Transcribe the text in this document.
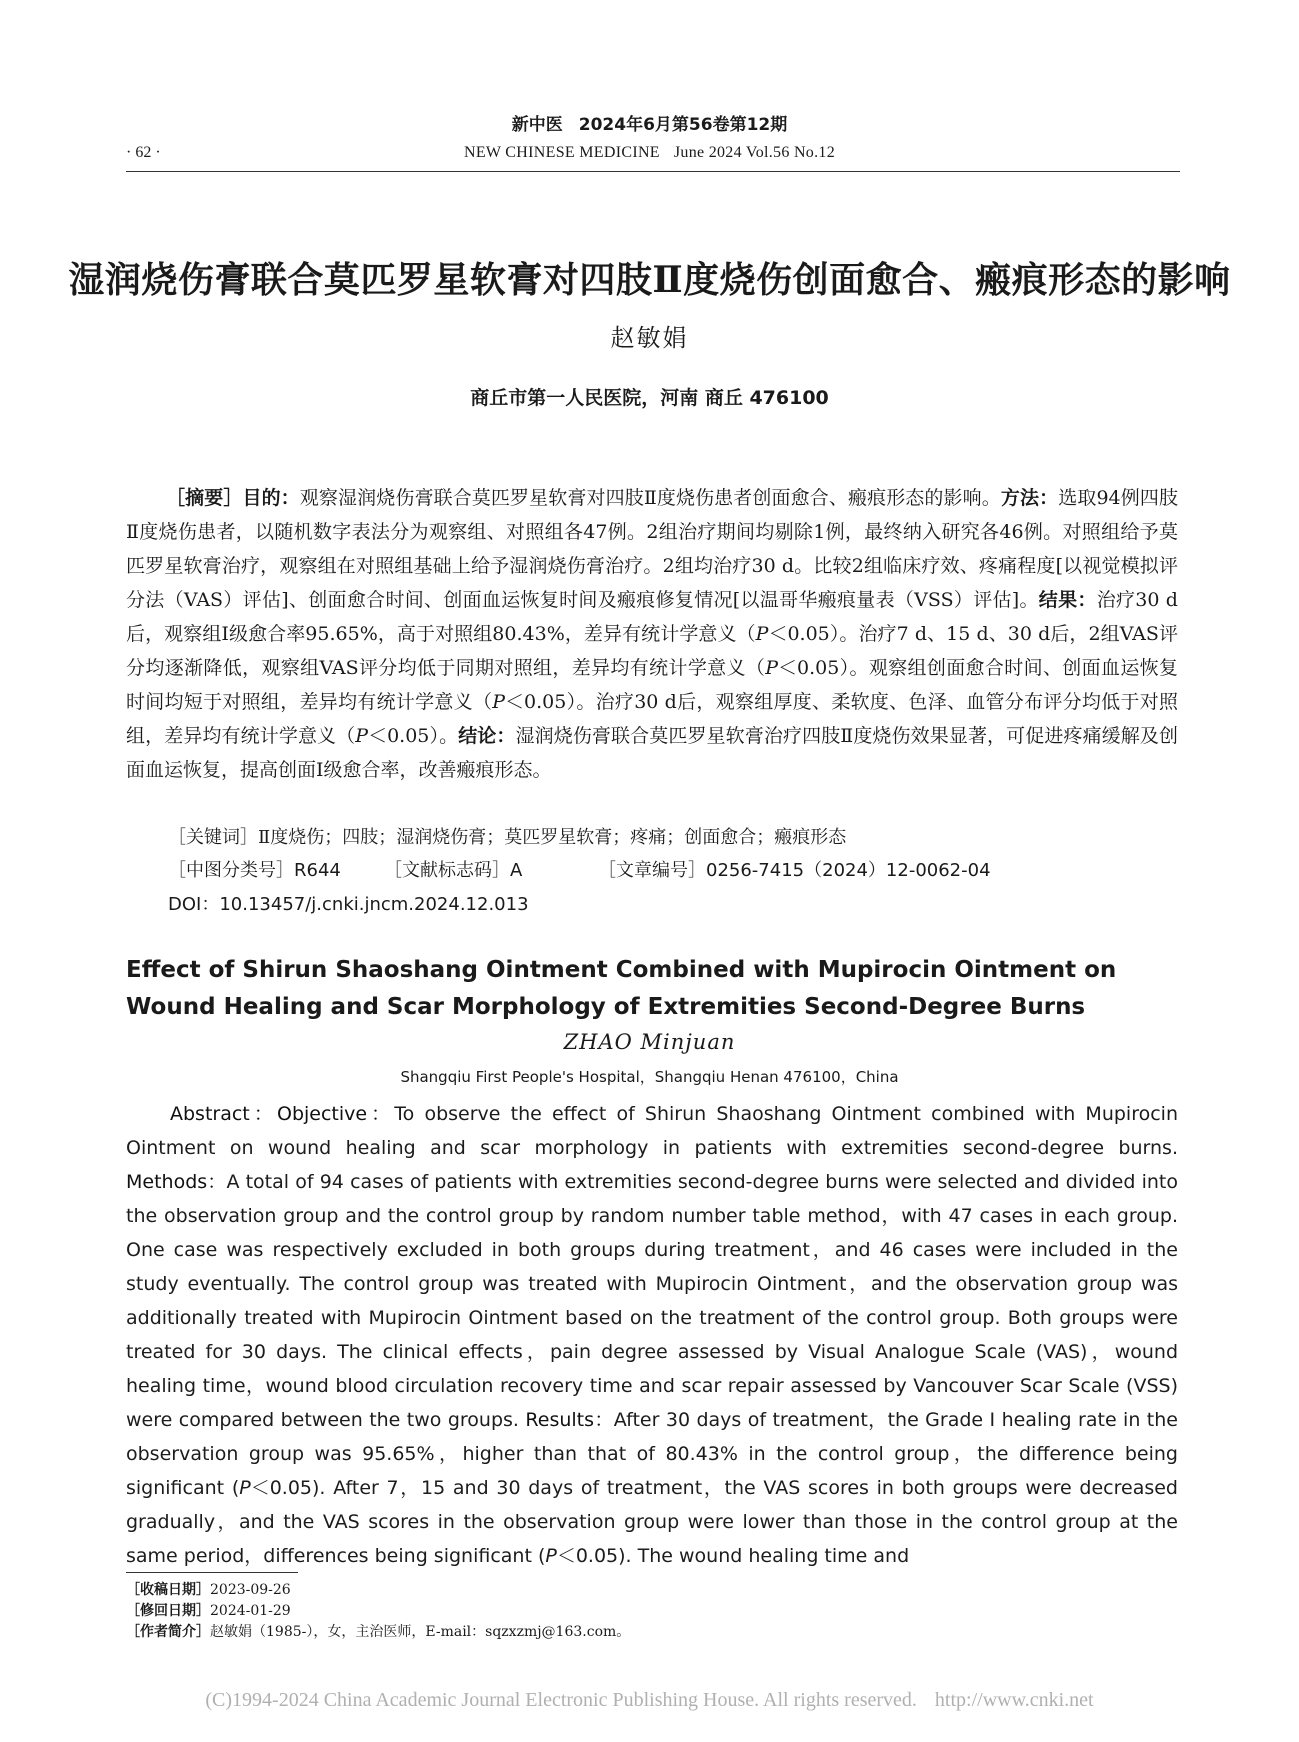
新中医 2024年6月第56卷第12期
· 62 ·	NEW CHINESE MEDICINE June 2024 Vol.56 No.12
湿润烧伤膏联合莫匹罗星软膏对四肢Ⅱ度烧伤创面愈合、瘢痕形态的影响
赵敏娟
商丘市第一人民医院，河南 商丘 476100
［摘要］目的：观察湿润烧伤膏联合莫匹罗星软膏对四肢Ⅱ度烧伤患者创面愈合、瘢痕形态的影响。方法：选取94例四肢Ⅱ度烧伤患者，以随机数字表法分为观察组、对照组各47例。2组治疗期间均剔除1例，最终纳入研究各46例。对照组给予莫匹罗星软膏治疗，观察组在对照组基础上给予湿润烧伤膏治疗。2组均治疗30 d。比较2组临床疗效、疼痛程度[以视觉模拟评分法（VAS）评估]、创面愈合时间、创面血运恢复时间及瘢痕修复情况[以温哥华瘢痕量表（VSS）评估]。结果：治疗30 d后，观察组Ⅰ级愈合率95.65%，高于对照组80.43%，差异有统计学意义（P＜0.05）。治疗7 d、15 d、30 d后，2组VAS评分均逐渐降低，观察组VAS评分均低于同期对照组，差异均有统计学意义（P＜0.05）。观察组创面愈合时间、创面血运恢复时间均短于对照组，差异均有统计学意义（P＜0.05）。治疗30 d后，观察组厚度、柔软度、色泽、血管分布评分均低于对照组，差异均有统计学意义（P＜0.05）。结论：湿润烧伤膏联合莫匹罗星软膏治疗四肢Ⅱ度烧伤效果显著，可促进疼痛缓解及创面血运恢复，提高创面Ⅰ级愈合率，改善瘢痕形态。
［关键词］Ⅱ度烧伤；四肢；湿润烧伤膏；莫匹罗星软膏；疼痛；创面愈合；瘢痕形态
［中图分类号］R644 ［文献标志码］A	［文章编号］0256-7415（2024）12-0062-04
DOI：10.13457/j.cnki.jncm.2024.12.013
Effect of Shirun Shaoshang Ointment Combined with Mupirocin Ointment on Wound Healing and Scar Morphology of Extremities Second-Degree Burns
ZHAO Minjuan
Shangqiu First People's Hospital，Shangqiu Henan 476100，China
Abstract：Objective：To observe the effect of Shirun Shaoshang Ointment combined with Mupirocin Ointment on wound healing and scar morphology in patients with extremities second-degree burns. Methods：A total of 94 cases of patients with extremities second-degree burns were selected and divided into the observation group and the control group by random number table method，with 47 cases in each group. One case was respectively excluded in both groups during treatment，and 46 cases were included in the study eventually. The control group was treated with Mupirocin Ointment，and the observation group was additionally treated with Mupirocin Ointment based on the treatment of the control group. Both groups were treated for 30 days. The clinical effects，pain degree assessed by Visual Analogue Scale (VAS)，wound healing time，wound blood circulation recovery time and scar repair assessed by Vancouver Scar Scale (VSS) were compared between the two groups. Results：After 30 days of treatment，the Grade I healing rate in the observation group was 95.65%，higher than that of 80.43% in the control group，the difference being significant (P＜0.05). After 7，15 and 30 days of treatment，the VAS scores in both groups were decreased gradually，and the VAS scores in the observation group were lower than those in the control group at the same period，differences being significant (P＜0.05). The wound healing time and
［收稿日期］2023-09-26
［修回日期］2024-01-29
［作者简介］赵敏娟（1985-），女，主治医师，E-mail：sqzxzmj@163.com。
(C)1994-2024 China Academic Journal Electronic Publishing House. All rights reserved. http://www.cnki.net
